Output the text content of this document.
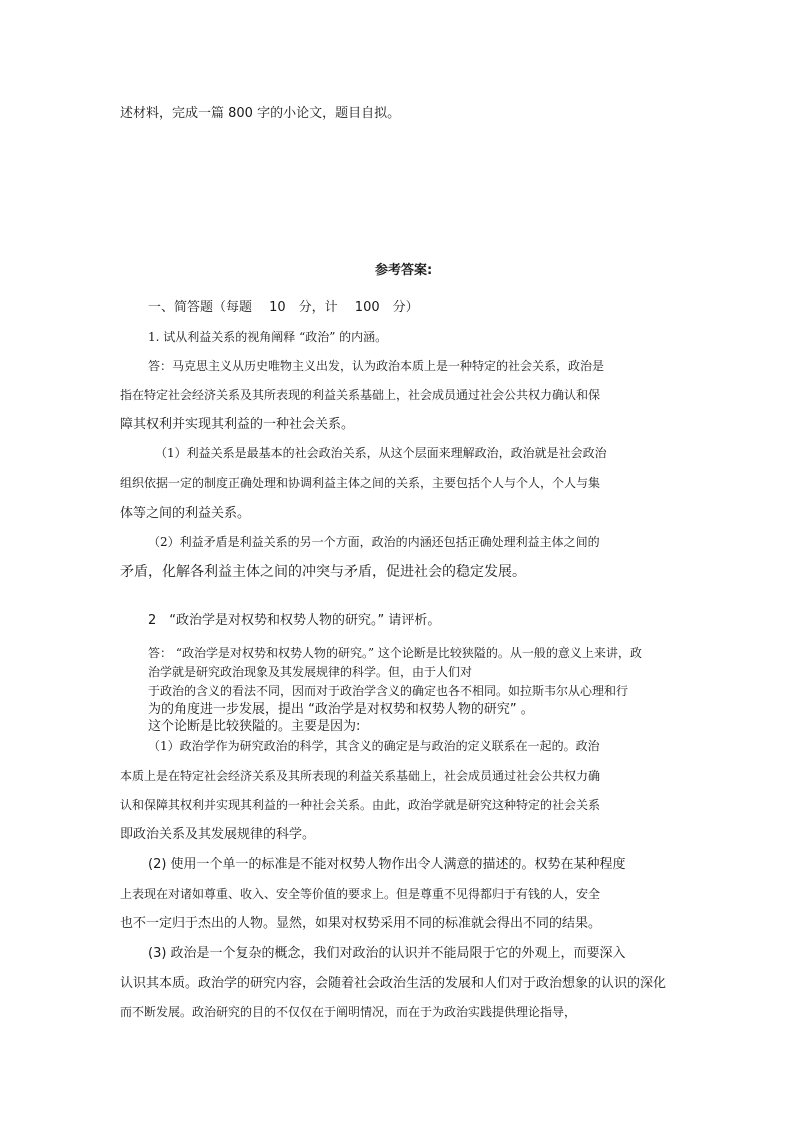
述材料，完成一篇 800 字的小论文，题目自拟。
参考答案:
一、简答题（每题　 10　分，计　 100　分）
1. 试从利益关系的视角阐释 “政治” 的内涵。
答：马克思主义从历史唯物主义出发，认为政治本质上是一种特定的社会关系，政治是
指在特定社会经济关系及其所表现的利益关系基础上，社会成员通过社会公共权力确认和保
障其权利并实现其利益的一种社会关系。
（1）利益关系是最基本的社会政治关系，从这个层面来理解政治，政治就是社会政治
组织依据一定的制度正确处理和协调利益主体之间的关系，主要包括个人与个人，个人与集
体等之间的利益关系。
（2）利益矛盾是利益关系的另一个方面，政治的内涵还包括正确处理利益主体之间的
矛盾，化解各利益主体之间的冲突与矛盾，促进社会的稳定发展。
2　“政治学是对权势和权势人物的研究。” 请评析。
答： “政治学是对权势和权势人物的研究。” 这个论断是比较狭隘的。从一般的意义上来讲，政
治学就是研究政治现象及其发展规律的科学。但，由于人们对
于政治的含义的看法不同，因而对于政治学含义的确定也各不相同。如拉斯韦尔从心理和行
为的角度进一步发展，提出 “政治学是对权势和权势人物的研究” 。
这个论断是比较狭隘的。主要是因为:
（1）政治学作为研究政治的科学，其含义的确定是与政治的定义联系在一起的。政治
本质上是在特定社会经济关系及其所表现的利益关系基础上，社会成员通过社会公共权力确
认和保障其权利并实现其利益的一种社会关系。由此，政治学就是研究这种特定的社会关系
即政治关系及其发展规律的科学。
(2) 使用一个单一的标准是不能对权势人物作出令人满意的描述的。权势在某种程度
上表现在对诸如尊重、收入、安全等价值的要求上。但是尊重不见得都归于有钱的人，安全
也不一定归于杰出的人物。显然，如果对权势采用不同的标准就会得出不同的结果。
(3) 政治是一个复杂的概念，我们对政治的认识并不能局限于它的外观上，而要深入
认识其本质。政治学的研究内容，会随着社会政治生活的发展和人们对于政治想象的认识的深化
而不断发展。政治研究的目的不仅仅在于阐明情况，而在于为政治实践提供理论指导，
